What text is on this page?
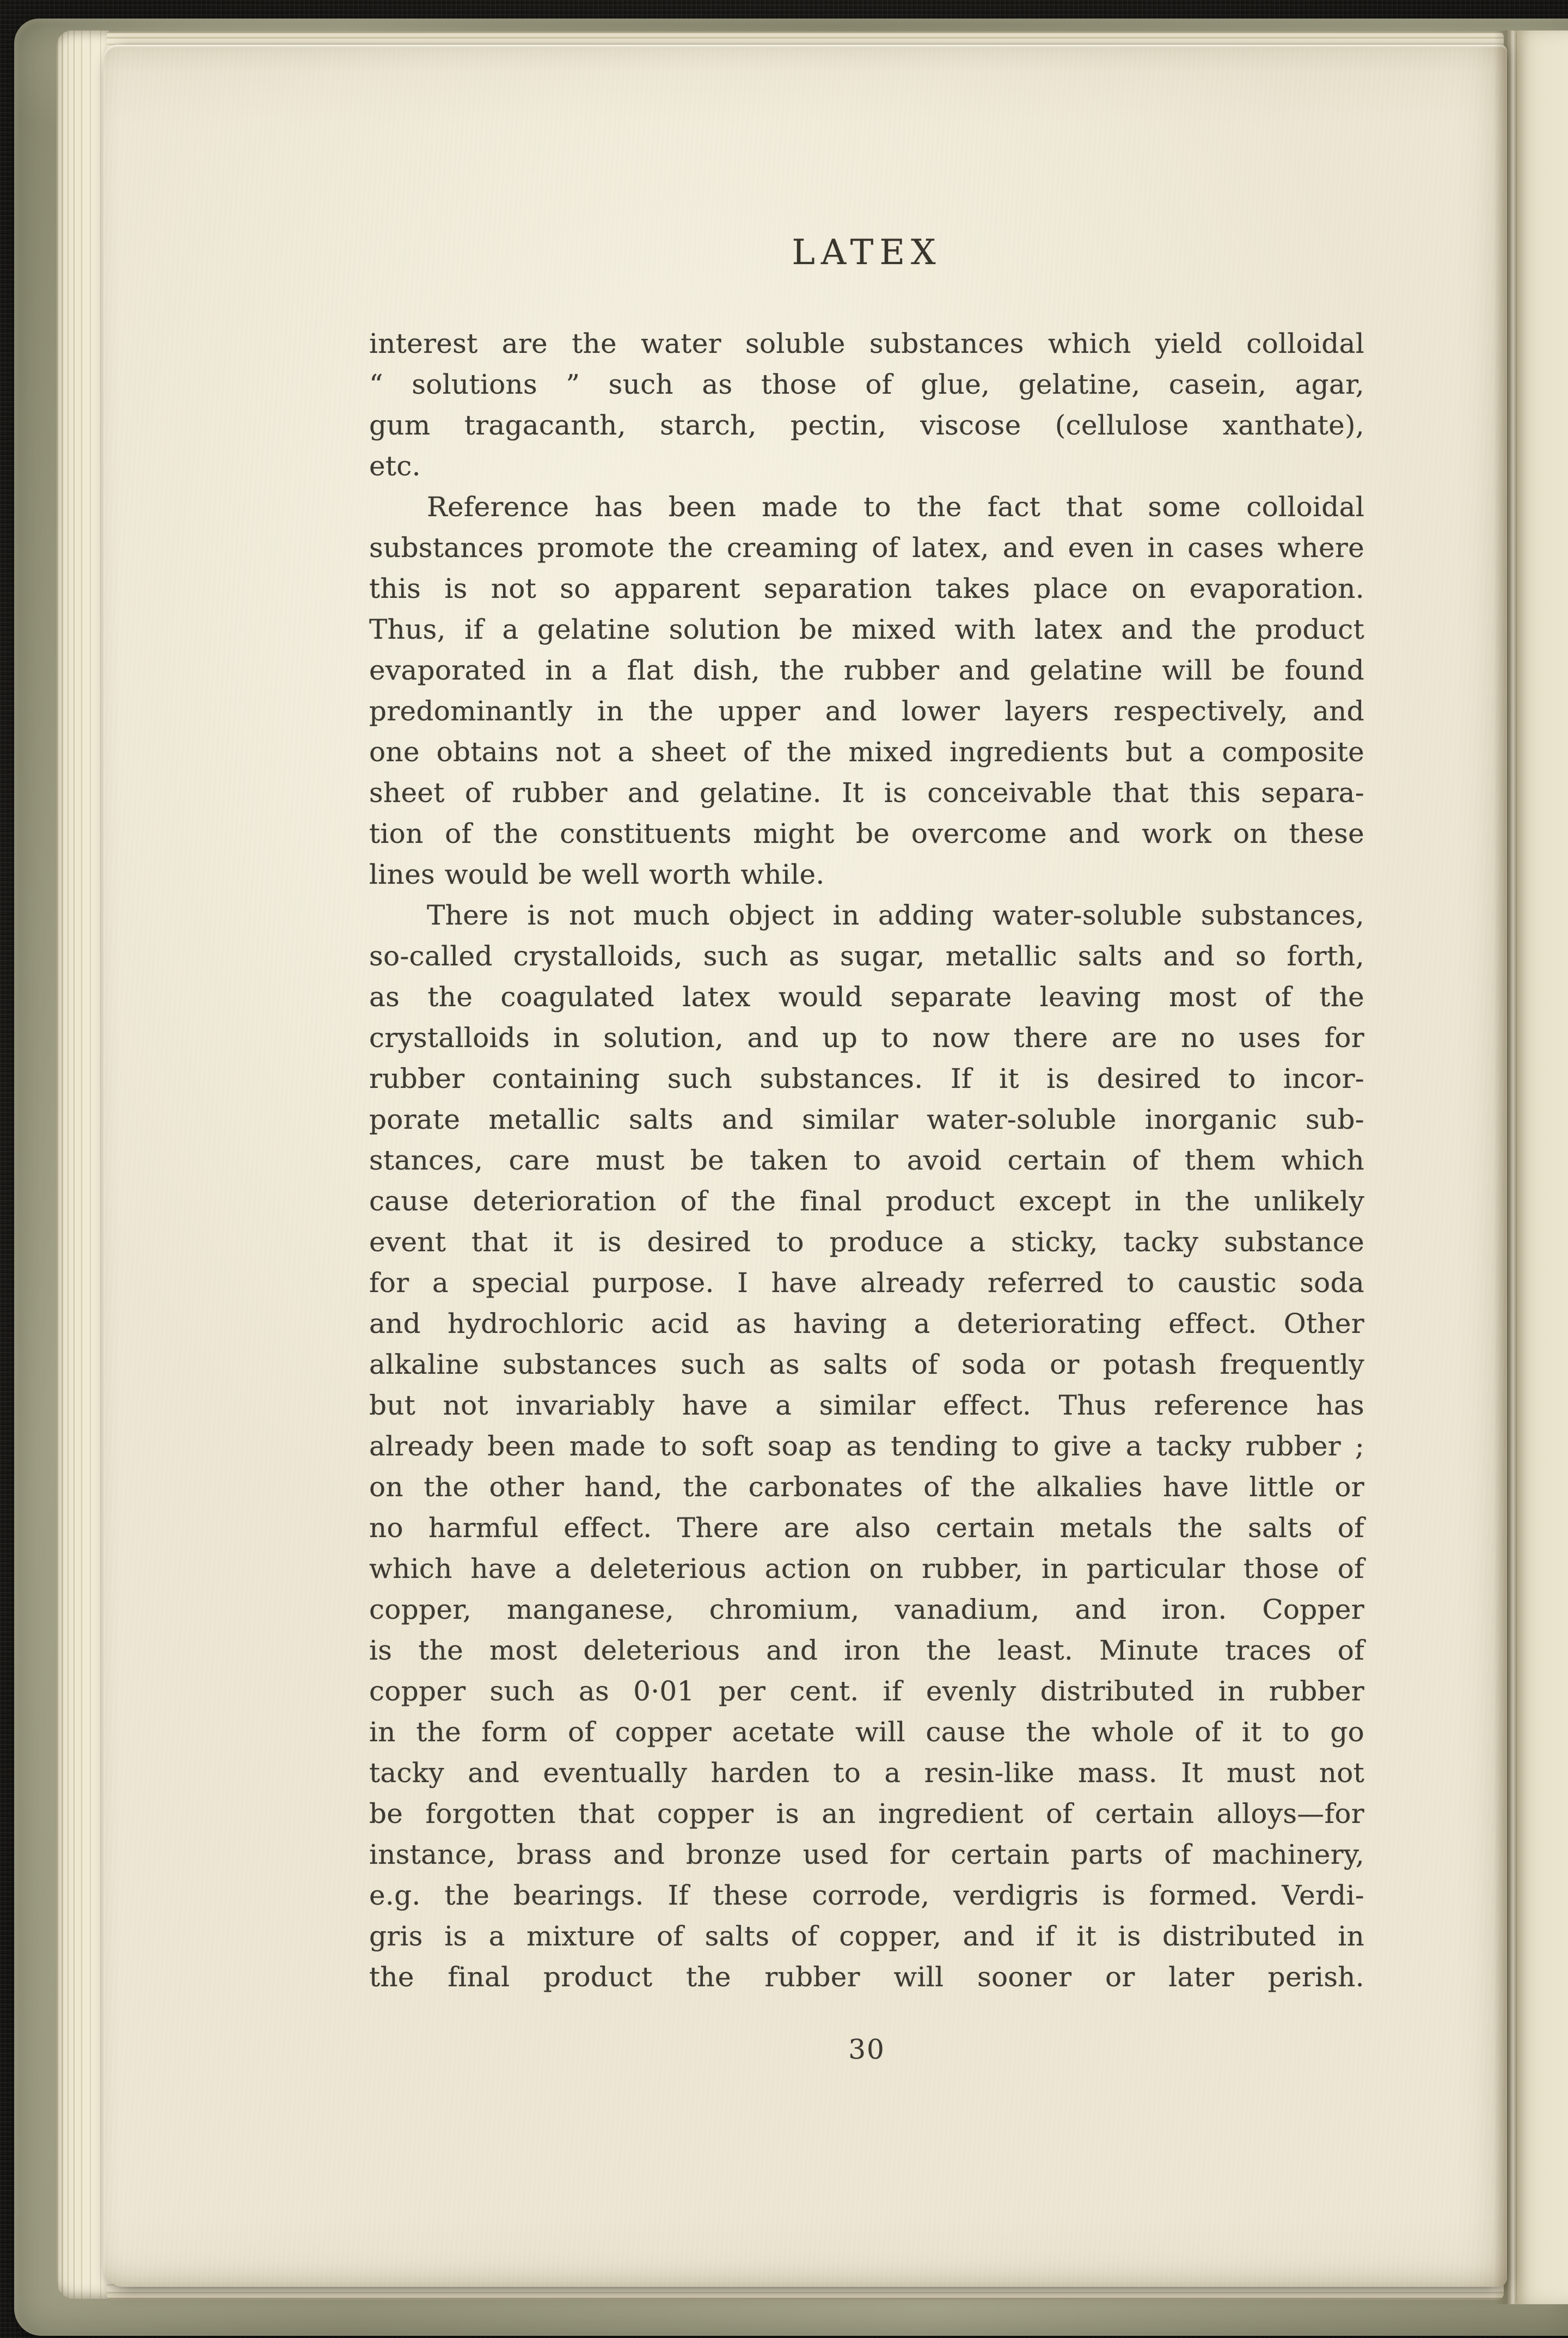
LATEX
interest are the water soluble substances which yield colloidal
“ solutions ” such as those of glue, gelatine, casein, agar,
gum tragacanth, starch, pectin, viscose (cellulose xanthate),
etc.
Reference has been made to the fact that some colloidal
substances promote the creaming of latex, and even in cases where
this is not so apparent separation takes place on evaporation.
Thus, if a gelatine solution be mixed with latex and the product
evaporated in a flat dish, the rubber and gelatine will be found
predominantly in the upper and lower layers respectively, and
one obtains not a sheet of the mixed ingredients but a composite
sheet of rubber and gelatine. It is conceivable that this separa-
tion of the constituents might be overcome and work on these
lines would be well worth while.
There is not much object in adding water-soluble substances,
so-called crystalloids, such as sugar, metallic salts and so forth,
as the coagulated latex would separate leaving most of the
crystalloids in solution, and up to now there are no uses for
rubber containing such substances. If it is desired to incor-
porate metallic salts and similar water-soluble inorganic sub-
stances, care must be taken to avoid certain of them which
cause deterioration of the final product except in the unlikely
event that it is desired to produce a sticky, tacky substance
for a special purpose. I have already referred to caustic soda
and hydrochloric acid as having a deteriorating effect. Other
alkaline substances such as salts of soda or potash frequently
but not invariably have a similar effect. Thus reference has
already been made to soft soap as tending to give a tacky rubber ;
on the other hand, the carbonates of the alkalies have little or
no harmful effect. There are also certain metals the salts of
which have a deleterious action on rubber, in particular those of
copper, manganese, chromium, vanadium, and iron. Copper
is the most deleterious and iron the least. Minute traces of
copper such as 0·01 per cent. if evenly distributed in rubber
in the form of copper acetate will cause the whole of it to go
tacky and eventually harden to a resin-like mass. It must not
be forgotten that copper is an ingredient of certain alloys—for
instance, brass and bronze used for certain parts of machinery,
e.g. the bearings. If these corrode, verdigris is formed. Verdi-
gris is a mixture of salts of copper, and if it is distributed in
the final product the rubber will sooner or later perish.
30
